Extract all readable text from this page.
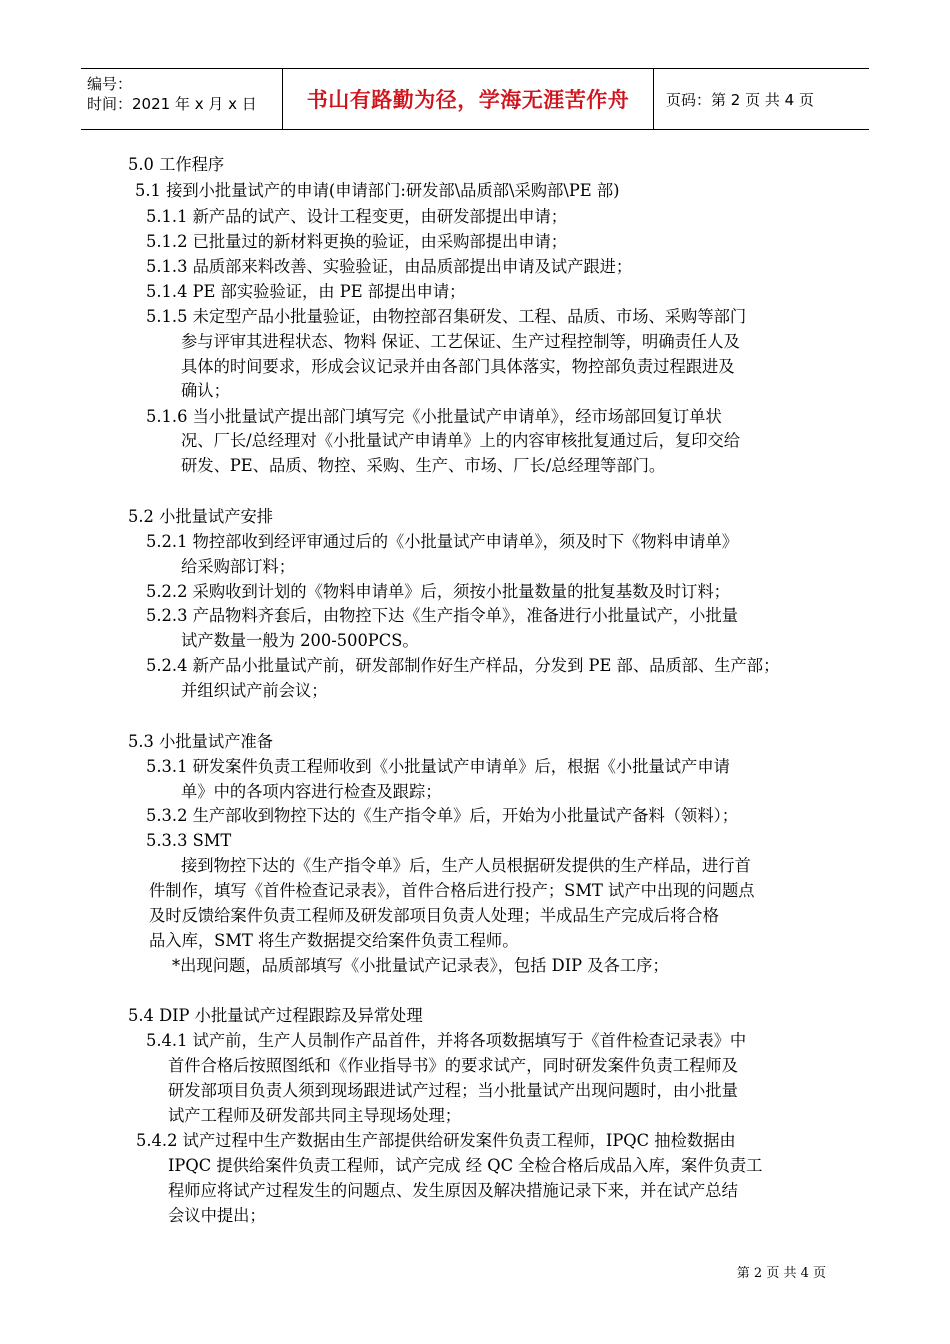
编号：
时间：2021 年 x 月 x 日 书山有路勤为径，学海无涯苦作舟 页码：第 2 页 共 4 页
5.0 工作程序
5.1 接到小批量试产的申请(申请部门:研发部\品质部\采购部\PE 部)
5.1.1 新产品的试产、设计工程变更，由研发部提出申请；
5.1.2 已批量过的新材料更换的验证，由采购部提出申请；
5.1.3 品质部来料改善、实验验证，由品质部提出申请及试产跟进；
5.1.4 PE 部实验验证，由 PE 部提出申请；
5.1.5 未定型产品小批量验证，由物控部召集研发、工程、品质、市场、采购等部门
参与评审其进程状态、物料 保证、工艺保证、生产过程控制等，明确责任人及
具体的时间要求，形成会议记录并由各部门具体落实，物控部负责过程跟进及
确认；
5.1.6 当小批量试产提出部门填写完《小批量试产申请单》，经市场部回复订单状
况、厂长/总经理对《小批量试产申请单》上的内容审核批复通过后，复印交给
研发、PE、品质、物控、采购、生产、市场、厂长/总经理等部门。
5.2 小批量试产安排
5.2.1 物控部收到经评审通过后的《小批量试产申请单》，须及时下《物料申请单》
给采购部订料；
5.2.2 采购收到计划的《物料申请单》后，须按小批量数量的批复基数及时订料；
5.2.3 产品物料齐套后，由物控下达《生产指令单》，准备进行小批量试产，小批量
试产数量一般为 200-500PCS。
5.2.4 新产品小批量试产前，研发部制作好生产样品，分发到 PE 部、品质部、生产部；
并组织试产前会议；
5.3 小批量试产准备
5.3.1 研发案件负责工程师收到《小批量试产申请单》后，根据《小批量试产申请
单》中的各项内容进行检查及跟踪；
5.3.2 生产部收到物控下达的《生产指令单》后，开始为小批量试产备料（领料）；
5.3.3 SMT
接到物控下达的《生产指令单》后，生产人员根据研发提供的生产样品，进行首
件制作，填写《首件检查记录表》，首件合格后进行投产；SMT 试产中出现的问题点
及时反馈给案件负责工程师及研发部项目负责人处理；半成品生产完成后将合格
品入库，SMT 将生产数据提交给案件负责工程师。
*出现问题，品质部填写《小批量试产记录表》，包括 DIP 及各工序；
5.4 DIP 小批量试产过程跟踪及异常处理
5.4.1 试产前，生产人员制作产品首件，并将各项数据填写于《首件检查记录表》中
首件合格后按照图纸和《作业指导书》的要求试产，同时研发案件负责工程师及
研发部项目负责人须到现场跟进试产过程；当小批量试产出现问题时，由小批量
试产工程师及研发部共同主导现场处理；
5.4.2 试产过程中生产数据由生产部提供给研发案件负责工程师，IPQC 抽检数据由
IPQC 提供给案件负责工程师，试产完成 经 QC 全检合格后成品入库，案件负责工
程师应将试产过程发生的问题点、发生原因及解决措施记录下来，并在试产总结
会议中提出；
第 2 页 共 4 页
